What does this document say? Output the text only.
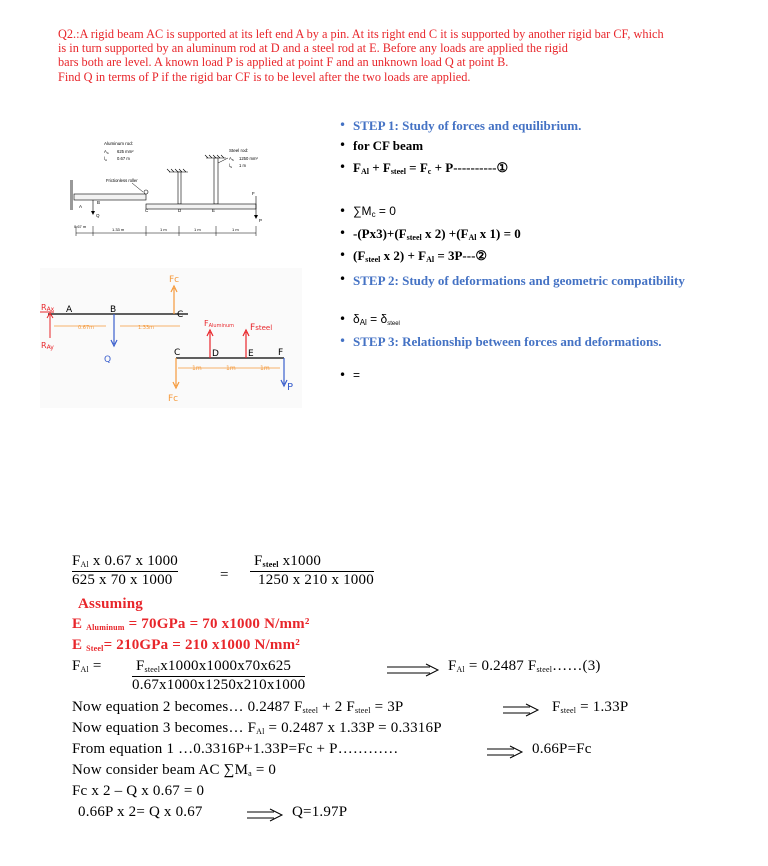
Q2.:A rigid beam AC is supported at its left end A by a pin. At its right end C it is supported by another rigid bar CF, which
is in turn supported by an aluminum rod at D and a steel rod at E. Before any loads are applied the rigid
bars both are level. A known load P is applied at point F and an unknown load Q at point B.
Find Q in terms of P if the rigid bar CF is to be level after the two loads are applied.
Aluminum rod:
$A_A$ 625 mm²
$l_A$ 0.67 m
Steel rod:
$A_S$ 1250 mm²
$l_S$ 1 m
Frictionless roller
A
B
C	D	E
F
Q
P
0.67 m
1.33 m	1 m	1 m	1 m
RAx A
RAy
0.67m	1.33m
B
Q
Fc
C
C	D	E	F
Fc
FAluminum Fsteel
1m	1m	1m
P
• STEP 1: Study of forces and equilibrium.
• for CF beam
• $F_{Al} + F_{steel} = F_c$ + P----------①
• $\sum M_c = 0$
• $-(Px3)+(F_{steel}$ x $2) +(F_{Al}$ x 1) = 0
• ($F_{steel}$ x $2) + F_{Al}$ = 3P---②
• STEP 2: Study of deformations and geometric compatibility
• $\delta_{Al} = \delta_{steel}$
• STEP 3: Relationship between forces and deformations.
• =
$F_{Al}$ x 0.67 x 1000
625 x 70 x 1000	=
$F_{steel}$ x1000
1250 x 210 x 1000
Assuming
E $_{Aluminum}$ = 70GPa = 70 x1000 N/mm²
E $_{Steel}$= 210GPa = 210 x1000 N/mm²
$F_{Al} = F_{steel}x1000x1000x70x625$
0.67x1000x1250x210x1000
$F_{Al} = 0.2487$ $F_{steel}\dots\dots(3)$
Now equation 2 becomes… 0.2487 $F_{steel} + 2$ $F_{steel} = 3P$	$F_{steel} = 1.33P$
Now equation 3 becomes… $F_{Al} = 0.2487$ x 1.33P = 0.3316P
From equation 1 …0.3316P+1.33P=Fc + P…………	0.66P=Fc
Now consider beam AC $\sum M_a = 0$
Fc x 2 – Q x 0.67 = 0
0.66P x 2= Q x 0.67	Q=1.97P
